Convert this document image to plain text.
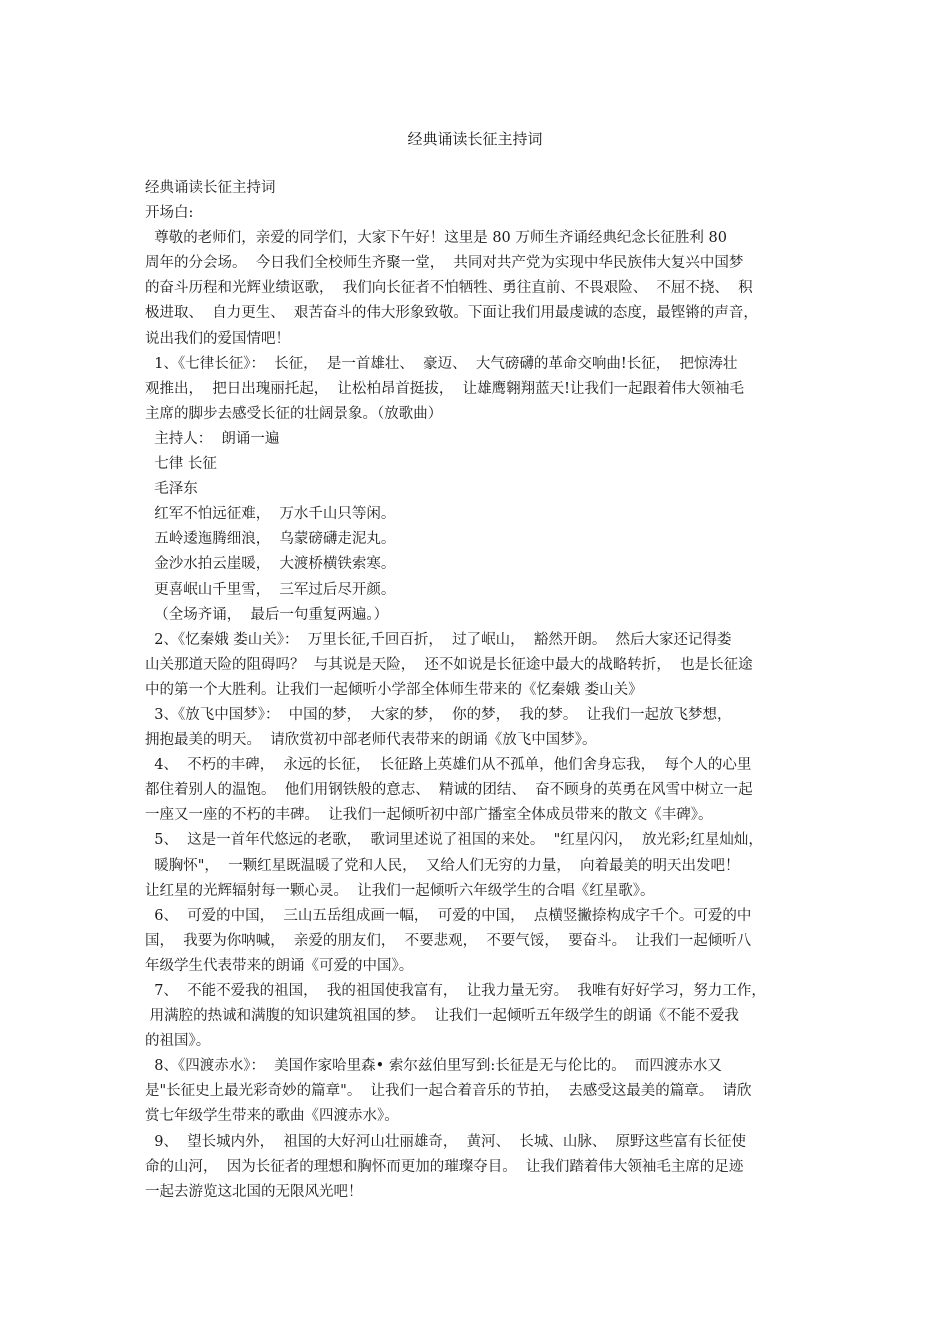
经典诵读长征主持词
经典诵读长征主持词
开场白:
尊敬的老师们，亲爱的同学们，大家下午好！这里是 80 万师生齐诵经典纪念长征胜利 80
周年的分会场。  今日我们全校师生齐聚一堂，  共同对共产党为实现中华民族伟大复兴中国梦
的奋斗历程和光辉业绩讴歌，  我们向长征者不怕牺牲、勇往直前、不畏艰险、  不屈不挠、  积
极进取、  自力更生、  艰苦奋斗的伟大形象致敬。下面让我们用最虔诚的态度，最铿锵的声音，
说出我们的爱国情吧！
1、《七律长征》：  长征，  是一首雄壮、  豪迈、  大气磅礴的革命交响曲!长征，  把惊涛壮
观推出，  把日出瑰丽托起，  让松柏昂首挺拔，  让雄鹰翱翔蓝天!让我们一起跟着伟大领袖毛
主席的脚步去感受长征的壮阔景象。（放歌曲）
主持人：  朗诵一遍
七律 长征
毛泽东
红军不怕远征难，  万水千山只等闲。
五岭逶迤腾细浪，  乌蒙磅礴走泥丸。
金沙水拍云崖暖，  大渡桥横铁索寒。
更喜岷山千里雪，  三军过后尽开颜。
（全场齐诵，  最后一句重复两遍。）
2、《忆秦娥 娄山关》：  万里长征,千回百折，  过了岷山，  豁然开朗。  然后大家还记得娄
山关那道天险的阻碍吗？  与其说是天险，  还不如说是长征途中最大的战略转折，  也是长征途
中的第一个大胜利。让我们一起倾听小学部全体师生带来的《忆秦娥 娄山关》
3、《放飞中国梦》：  中国的梦，  大家的梦，  你的梦，  我的梦。  让我们一起放飞梦想，
拥抱最美的明天。  请欣赏初中部老师代表带来的朗诵《放飞中国梦》。
4、  不朽的丰碑，  永远的长征，  长征路上英雄们从不孤单，他们舍身忘我，  每个人的心里
都住着别人的温饱。  他们用钢铁般的意志、  精诚的团结、  奋不顾身的英勇在风雪中树立一起
一座又一座的不朽的丰碑。  让我们一起倾听初中部广播室全体成员带来的散文《丰碑》。
5、  这是一首年代悠远的老歌，  歌词里述说了祖国的来处。  "红星闪闪，  放光彩;红星灿灿，
暖胸怀"，  一颗红星既温暖了党和人民，  又给人们无穷的力量，  向着最美的明天出发吧！
让红星的光辉辐射每一颗心灵。  让我们一起倾听六年级学生的合唱《红星歌》。
6、  可爱的中国，  三山五岳组成画一幅，  可爱的中国，  点横竖撇捺构成字千个。可爱的中
国，  我要为你呐喊，  亲爱的朋友们，  不要悲观，  不要气馁，  要奋斗。  让我们一起倾听八
年级学生代表带来的朗诵《可爱的中国》。
7、  不能不爱我的祖国，  我的祖国使我富有，  让我力量无穷。  我唯有好好学习，努力工作，
用满腔的热诚和满腹的知识建筑祖国的梦。  让我们一起倾听五年级学生的朗诵《不能不爱我
的祖国》。
8、《四渡赤水》：  美国作家哈里森• 索尔兹伯里写到:长征是无与伦比的。  而四渡赤水又
是"长征史上最光彩奇妙的篇章"。  让我们一起合着音乐的节拍，  去感受这最美的篇章。  请欣
赏七年级学生带来的歌曲《四渡赤水》。
9、  望长城内外，  祖国的大好河山壮丽雄奇，  黄河、  长城、山脉、  原野这些富有长征使
命的山河，  因为长征者的理想和胸怀而更加的璀璨夺目。  让我们踏着伟大领袖毛主席的足迹
一起去游览这北国的无限风光吧！
